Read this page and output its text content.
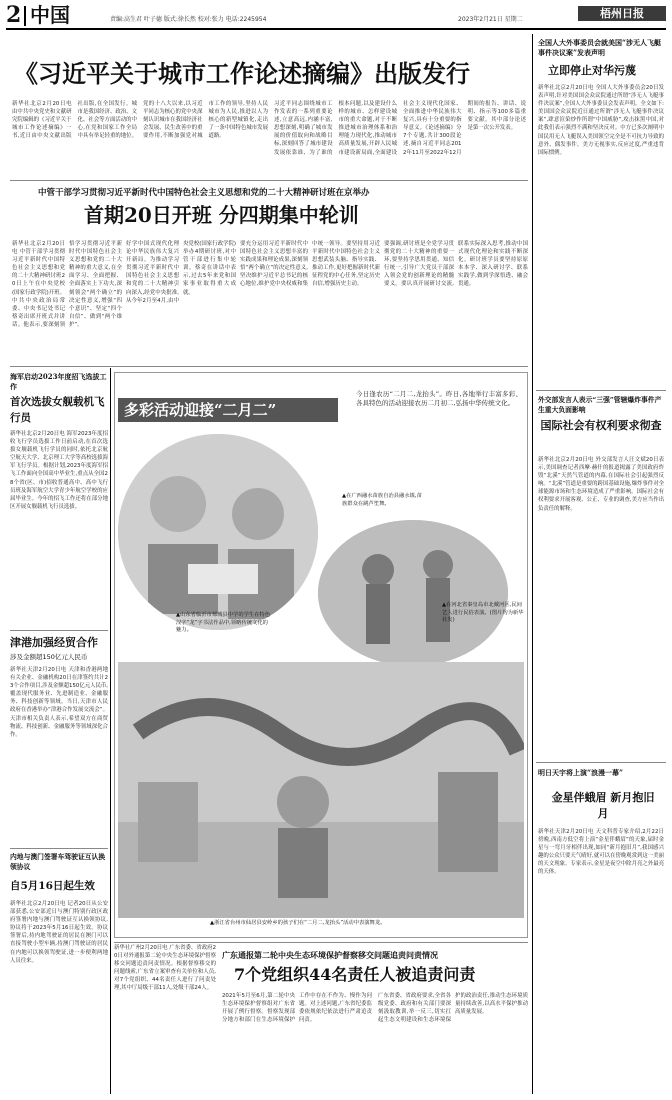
2 中国	责编:高生君 叶子德 版式:徐长然 校对:张力 电话:2245954	2023年2月21日 星期二	梧州日报
《习近平关于城市工作论述摘编》出版发行
新华社北京2月20日电 由中共中央党史和文献研究院编辑的《习近平关于城市工作论述摘编》一书,近日由中央文献出版社出版,在全国发行。城市是我国经济、政治、文化、社会等方面活动的中心,在党和国家工作全局中具有举足轻重的地位。党的十八大以来,以习近平同志为核心的党中央深刻认识城市在我国经济社会发展、民生改善中的重要作用,不断加强党对城市工作的领导,坚持人民城市为人民,推进以人为核心的新型城镇化,走出了一条中国特色城市发展道路。
习近平同志围绕城市工作发表的一系列重要论述,立意高远,内涵丰富,思想深刻,明确了城市发展的价值取向和战略目标,深刻回答了城市建设发展依靠谁、为了谁的根本问题,以及建设什么样的城市、怎样建设城市的重大命题,对于不断推进城市治理体系和治理能力现代化,推动城市高质量发展,开辟人民城市建设新局面,全面建设社会主义现代化国家、全面推进中华民族伟大复兴,具有十分重要的指导意义。《论述摘编》分7个专题,共计300段论述,摘自习近平同志2012年11月至2022年12月期间的报告、讲话、说明、指示等100多篇重要文献。其中部分论述是第一次公开发表。
中管干部学习贯彻习近平新时代中国特色社会主义思想和党的二十大精神研讨班在京举办
首期20日开班 分四期集中轮训
新华社北京2月20日电 中管干部学习贯彻习近平新时代中国特色社会主义思想和党的二十大精神研讨班20日上午在中央党校(国家行政学院)开班。中共中央政治局常委、中央书记处书记蔡奇出席开班式并讲话。他表示,要深刻领悟学习贯彻习近平新时代中国特色社会主义思想和党的二十大精神的重大意义,在全面学习、全面把握、全面落实上下功夫,深刻领会“两个确立”的决定性意义,增强“四个意识”、坚定“四个自信”、做到“两个维护”。
好学中国式现代化理论中华民族伟大复兴开新局。为推动学习贯彻习近平新时代中国特色社会主义思想和党的二十大精神引向深入,经党中央批准,从今年2月至4月,由中央党校(国家行政学院)举办4期研讨班,对中管干部进行集中轮训。蔡奇在讲话中表示,过去5年来党和国家事业取得重大成就。
要充分运用习近平新时代中国特色社会主义思想丰富的实践成果和理论成果,深刻领悟“两个确立”的决定性意义,坚决维护习近平总书记的核心地位,维护党中央权威和集中统一领导。要坚持用习近平新时代中国特色社会主义思想武装头脑、指导实践、推动工作,更好把握新时代新征程党的中心任务,坚定历史自信,增强历史主动。
要强调,研讨班是全党学习贯彻党的二十大精神的重要一环,要坚持学思用贯通、知信行统一,引导广大党员干部深入领会党的创新理论的精髓要义。要认真开展研讨交流,联系实际深入思考,推动中国式现代化理论和实践不断深化。研讨班学员要坚持原原本本学、深入研讨学、联系实践学,做到学深悟透、融会贯通。
全国人大外事委员会就美国“涉无人飞艇事件决议案”发表声明
立即停止对华污蔑
新华社北京2月20日电 全国人大外事委员会20日发表声明,针对美国国会众议院通过所谓“涉无人飞艇事件决议案”,全国人大外事委员会发表声明。全文如下:美国国会众议院近日通过所谓“涉无人飞艇事件决议案”,肆意渲染炒作所谓“中国威胁”,攻击抹黑中国,对此我们表示强烈不满和坚决反对。中方已多次阐明中国民用无人飞艇误入美国领空完全是不可抗力导致的意外、偶发事件。美方无视事实,反应过度,严重违背国际惯例。
外交部发言人表示“三强”管辖爆炸事件产生重大负面影响
国际社会有权利要求彻查
新华社北京2月20日电 外交部发言人汪文斌20日表示,美国调查记者西摩·赫什的报道揭露了美国政府炸毁“北溪”天然气管道的内幕,在国际社会引起强烈反响。“北溪”管道是重要的跨国基础设施,爆炸事件对全球能源市场和生态环境造成了严重影响。国际社会有权利要求开展客观、公正、专业的调查,美方应当作出负责任的解释。
明日天宇将上演“浪漫一幕”
金星伴蛾眉 新月抱旧月
新华社天津2月20日电 天文科普专家介绍,2月22日傍晚,西南方低空将上演“金星伴蛾眉”的天象,届时金星与一弯月牙相伴出现,如同“新月抱旧月”,我国感兴趣的公众只要天气晴好,就可以在傍晚观赏到这一美丽的天文现象。专家表示,金星是夜空中除月亮之外最亮的天体。
海军启动2023年度招飞选拔工作
首次选拔女舰载机飞行员
新华社北京2月20日电 海军2023年度招收飞行学员选拔工作日前启动,在首次选拔女舰载机飞行学员的同时,依托北京航空航天大学、北京理工大学等高校选拔海军飞行学员。根据计划,2023年度海军招飞工作面向全国高中毕业生,重点从全国28个省(区、市)招收普通高中、高中飞行员班及海军航空大学青少年航空学校的应届毕业生。今年的招飞工作还将在部分地区开展女舰载机飞行员选拔。
津港加强经贸合作
涉及金额超150亿元人民币
新华社天津2月20日电 天津和香港两地有关企业、金融机构20日在津签约共计23个合作项目,涉及金额超150亿元人民币,覆盖现代服务业、先进制造业、金融服务、科技创新等领域。当日,天津市人民政府在香港举办“津港合作发展交流会”。天津市相关负责人表示,希望双方在商贸物流、科技创新、金融服务等领域深化合作。
内地与澳门签署车驾驶证互认换领协议
自5月16日起生效
新华社北京2月20日电 记者20日从公安部获悉,公安部近日与澳门特别行政区政府签署内地与澳门驾驶证互认换领协议,协议将于2023年5月16日起生效。协议签署后,持内地驾驶证的居民在澳门可以直接驾驶小型车辆,持澳门驾驶证的居民在内地可以换领驾驶证,进一步便利两地人员往来。
多彩活动迎接“二月二”
今日逢农历“二月二,龙抬头”。昨日,各地举行丰富多彩、各具特色的活动迎接农历二月初二,弘扬中华传统文化。
▲山东省临沂市郯城县中学的学生在特色汉字“龙”字书法作品中,领略传统文化的魅力。
▲在广西融水苗族自治县融水镇,苗族群众在跳芦笙舞。
▲在河北省秦皇岛市北戴河区,民间艺人进行民俗表演。(图片均为新华社发)
▲浙江省台州市仙居县安岭乡的孩子们在“二月二,龙抬头”活动中表演舞龙。
新华社广州2月20日电 广东省委、省政府20日对外通报第二轮中央生态环境保护督察移交问题追责问责情况。根据督察移交的问题线索,广东省立案审查有关单位和人员,对7个党组织、44名责任人进行了问责处理,其中厅局级干部11人,处级干部24人。
广东通报第二轮中央生态环境保护督察移交问题追责问责情况
7个党组织44名责任人被追责问责
2021年5月至6月,第二轮中央生态环境保护督察组对广东省开展了例行督察。督察发现部分地方和部门在生态环境保护工作中存在不作为、慢作为问题。对上述问题,广东省纪委监委依规依纪依法进行严肃追责问责。
广东省委、省政府要求,全省各级党委、政府和有关部门要深刻汲取教训,举一反三,切实扛起生态文明建设和生态环境保护的政治责任,推动生态环境质量持续改善,以高水平保护推动高质量发展。
